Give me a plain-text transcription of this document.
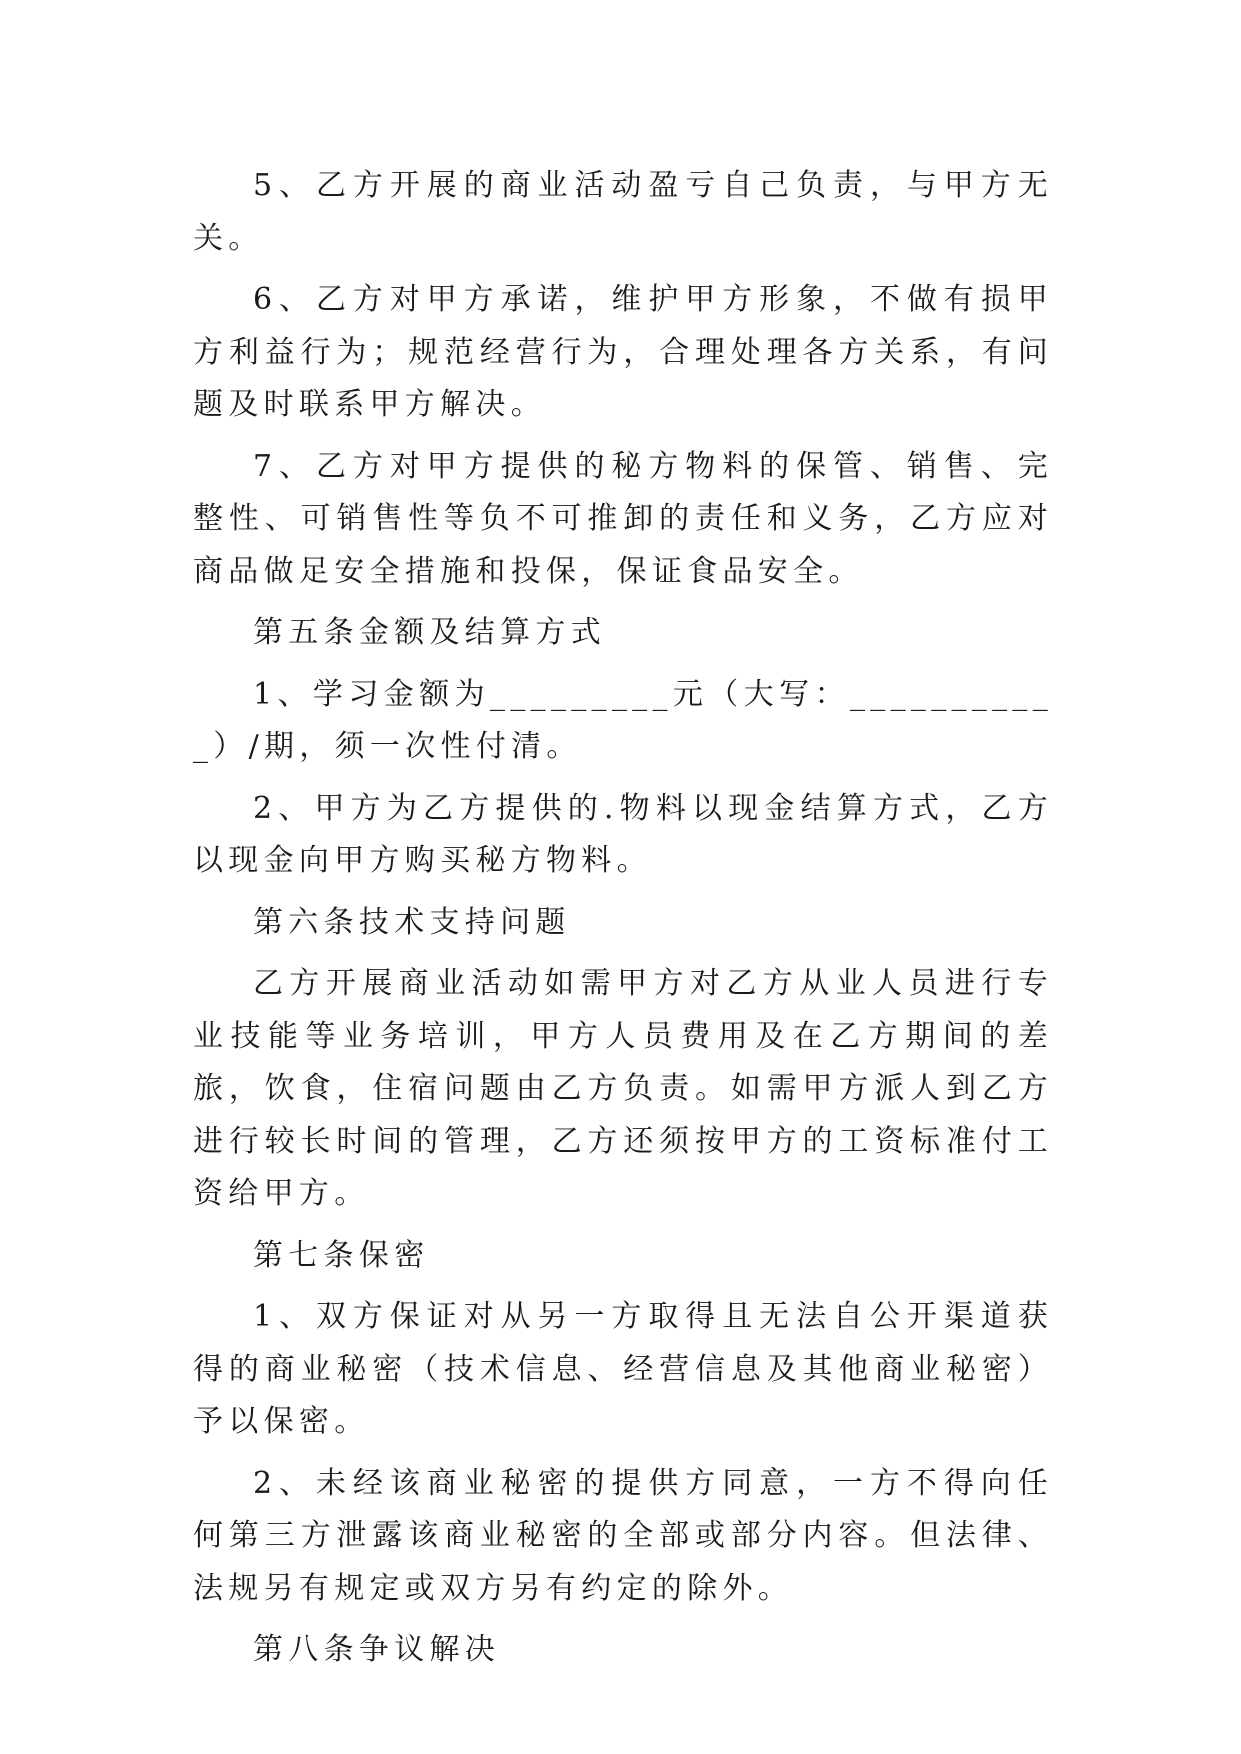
5、乙方开展的商业活动盈亏自己负责，与甲方无关。

6、乙方对甲方承诺，维护甲方形象，不做有损甲方利益行为；规范经营行为，合理处理各方关系，有问题及时联系甲方解决。

7、乙方对甲方提供的秘方物料的保管、销售、完整性、可销售性等负不可推卸的责任和义务，乙方应对商品做足安全措施和投保，保证食品安全。

第五条金额及结算方式

1、学习金额为_________元（大写：___________）/期，须一次性付清。

2、甲方为乙方提供的.物料以现金结算方式，乙方以现金向甲方购买秘方物料。

第六条技术支持问题

乙方开展商业活动如需甲方对乙方从业人员进行专业技能等业务培训，甲方人员费用及在乙方期间的差旅，饮食，住宿问题由乙方负责。如需甲方派人到乙方进行较长时间的管理，乙方还须按甲方的工资标准付工资给甲方。

第七条保密

1、双方保证对从另一方取得且无法自公开渠道获得的商业秘密（技术信息、经营信息及其他商业秘密）予以保密。

2、未经该商业秘密的提供方同意，一方不得向任何第三方泄露该商业秘密的全部或部分内容。但法律、法规另有规定或双方另有约定的除外。

第八条争议解决
